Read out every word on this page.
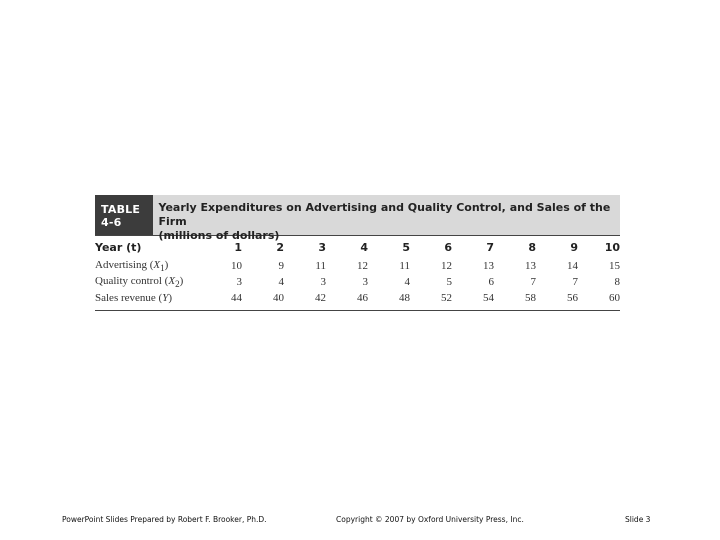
TABLE 4-6
Yearly Expenditures on Advertising and Quality Control, and Sales of the Firm
(millions of dollars)
Year (t)	1	2	3	4	5	6	7	8	9	10
Advertising $(X_1)$	10	9	11	12	11	12	13	13	14	15
Quality control $(X_2)$	3	4	3	3	4	5	6	7	7	8
Sales revenue (Y)	44	40	42	46	48	52	54	58	56	60
PowerPoint Slides Prepared by Robert F. Brooker, Ph.D.	Copyright © 2007 by Oxford University Press, Inc.	Slide 3
